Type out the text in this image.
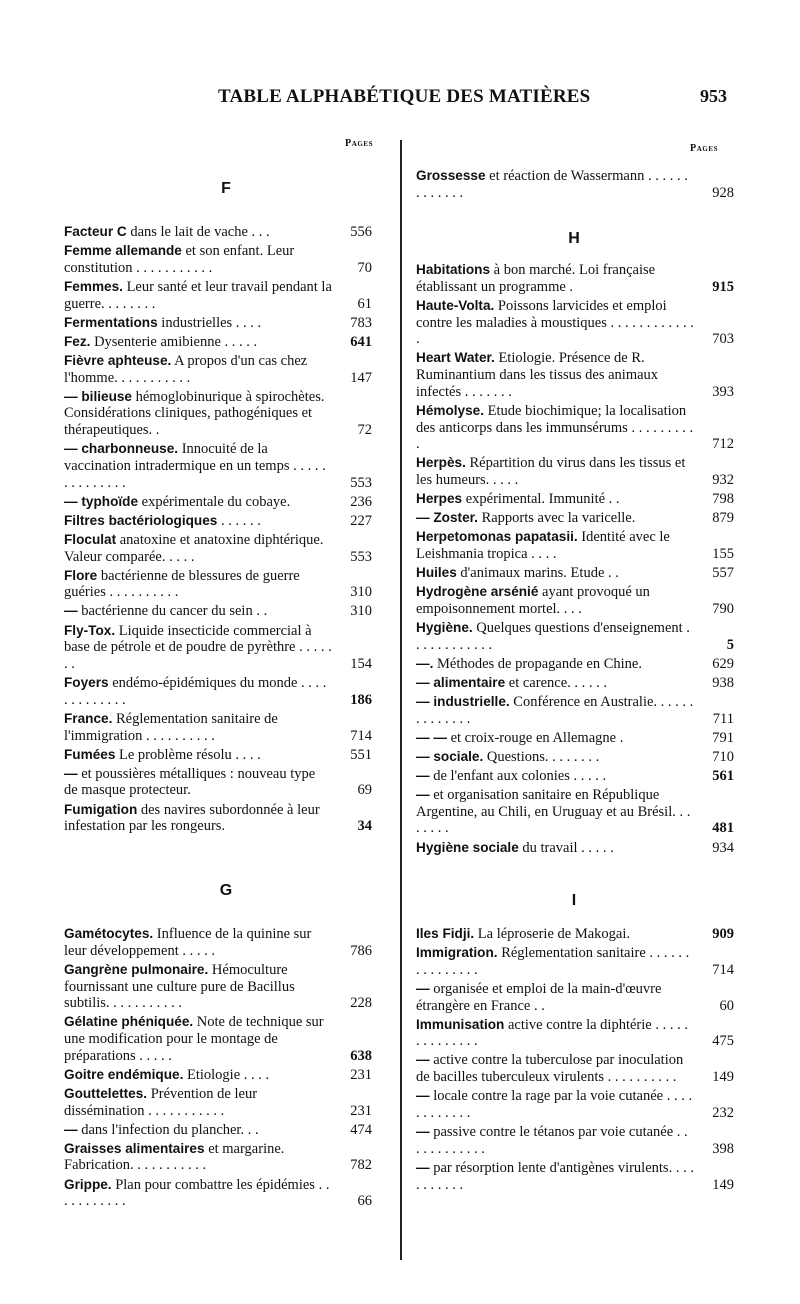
TABLE ALPHABÉTIQUE DES MATIÈRES	953
Pages	Pages
F
Facteur C dans le lait de vache . . .	556
Femme allemande et son enfant. Leur constitution . . . . . . . . . . .	70
Femmes. Leur santé et leur travail pendant la guerre. . . . . . . .	61
Fermentations industrielles . . . .	783
Fez. Dysenterie amibienne . . . . .	641
Fièvre aphteuse. A propos d'un cas chez l'homme. . . . . . . . . . .	147
— bilieuse hémoglobinurique à spirochètes. Considérations cliniques, pathogéniques et thérapeutiques. .	72
— charbonneuse. Innocuité de la vaccination intradermique en un temps . . . . . . . . . . . . . .	553
— typhoïde expérimentale du cobaye.	236
Filtres bactériologiques . . . . . .	227
Floculat anatoxine et anatoxine diphtérique. Valeur comparée. . . . .	553
Flore bactérienne de blessures de guerre guéries . . . . . . . . . .	310
— bactérienne du cancer du sein . .	310
Fly-Tox. Liquide insecticide commercial à base de pétrole et de poudre de pyrèthre . . . . . . .	154
Foyers endémo-épidémiques du monde . . . . . . . . . . . . .	186
France. Réglementation sanitaire de l'immigration . . . . . . . . . .	714
Fumées Le problème résolu . . . .	551
— et poussières métalliques : nouveau type de masque protecteur.	69
Fumigation des navires subordonnée à leur infestation par les rongeurs.	34
G
Gamétocytes. Influence de la quinine sur leur développement . . . . .	786
Gangrène pulmonaire. Hémoculture fournissant une culture pure de Bacillus subtilis. . . . . . . . . . .	228
Gélatine phéniquée. Note de technique sur une modification pour le montage de préparations . . . . .	638
Goitre endémique. Etiologie . . . .	231
Gouttelettes. Prévention de leur dissémination . . . . . . . . . . .	231
— dans l'infection du plancher. . .	474
Graisses alimentaires et margarine. Fabrication. . . . . . . . . . .	782
Grippe. Plan pour combattre les épidémies . . . . . . . . . . .	66
Grossesse et réaction de Wassermann . . . . . . . . . . . . .	928
H
Habitations à bon marché. Loi française établissant un programme .	915
Haute-Volta. Poissons larvicides et emploi contre les maladies à moustiques . . . . . . . . . . . . .	703
Heart Water. Etiologie. Présence de R. Ruminantium dans les tissus des animaux infectés . . . . . . .	393
Hémolyse. Etude biochimique; la localisation des anticorps dans les immunsérums . . . . . . . . . .	712
Herpès. Répartition du virus dans les tissus et les humeurs. . . . .	932
Herpes expérimental. Immunité . .	798
— Zoster. Rapports avec la varicelle.	879
Herpetomonas papatasii. Identité avec le Leishmania tropica . . . .	155
Huiles d'animaux marins. Etude . .	557
Hydrogène arsénié ayant provoqué un empoisonnement mortel. . . .	790
Hygiène. Quelques questions d'enseignement . . . . . . . . . . . .	5
—. Méthodes de propagande en Chine.	629
— alimentaire et carence. . . . . .	938
— industrielle. Conférence en Australie. . . . . . . . . . . . . .	711
— — et croix-rouge en Allemagne .	791
— sociale. Questions. . . . . . . .	710
— de l'enfant aux colonies . . . . .	561
— et organisation sanitaire en République Argentine, au Chili, en Uruguay et au Brésil. . . . . . . .	481
Hygiène sociale du travail . . . . .	934
I
Iles Fidji. La léproserie de Makogai.	909
Immigration. Réglementation sanitaire . . . . . . . . . . . . . . .	714
— organisée et emploi de la main-d'œuvre étrangère en France . .	60
Immunisation active contre la diphtérie . . . . . . . . . . . . . .	475
— active contre la tuberculose par inoculation de bacilles tuberculeux virulents . . . . . . . . . .	149
— locale contre la rage par la voie cutanée . . . . . . . . . . . .	232
— passive contre le tétanos par voie cutanée . . . . . . . . . . . .	398
— par résorption lente d'antigènes virulents. . . . . . . . . . .	149
